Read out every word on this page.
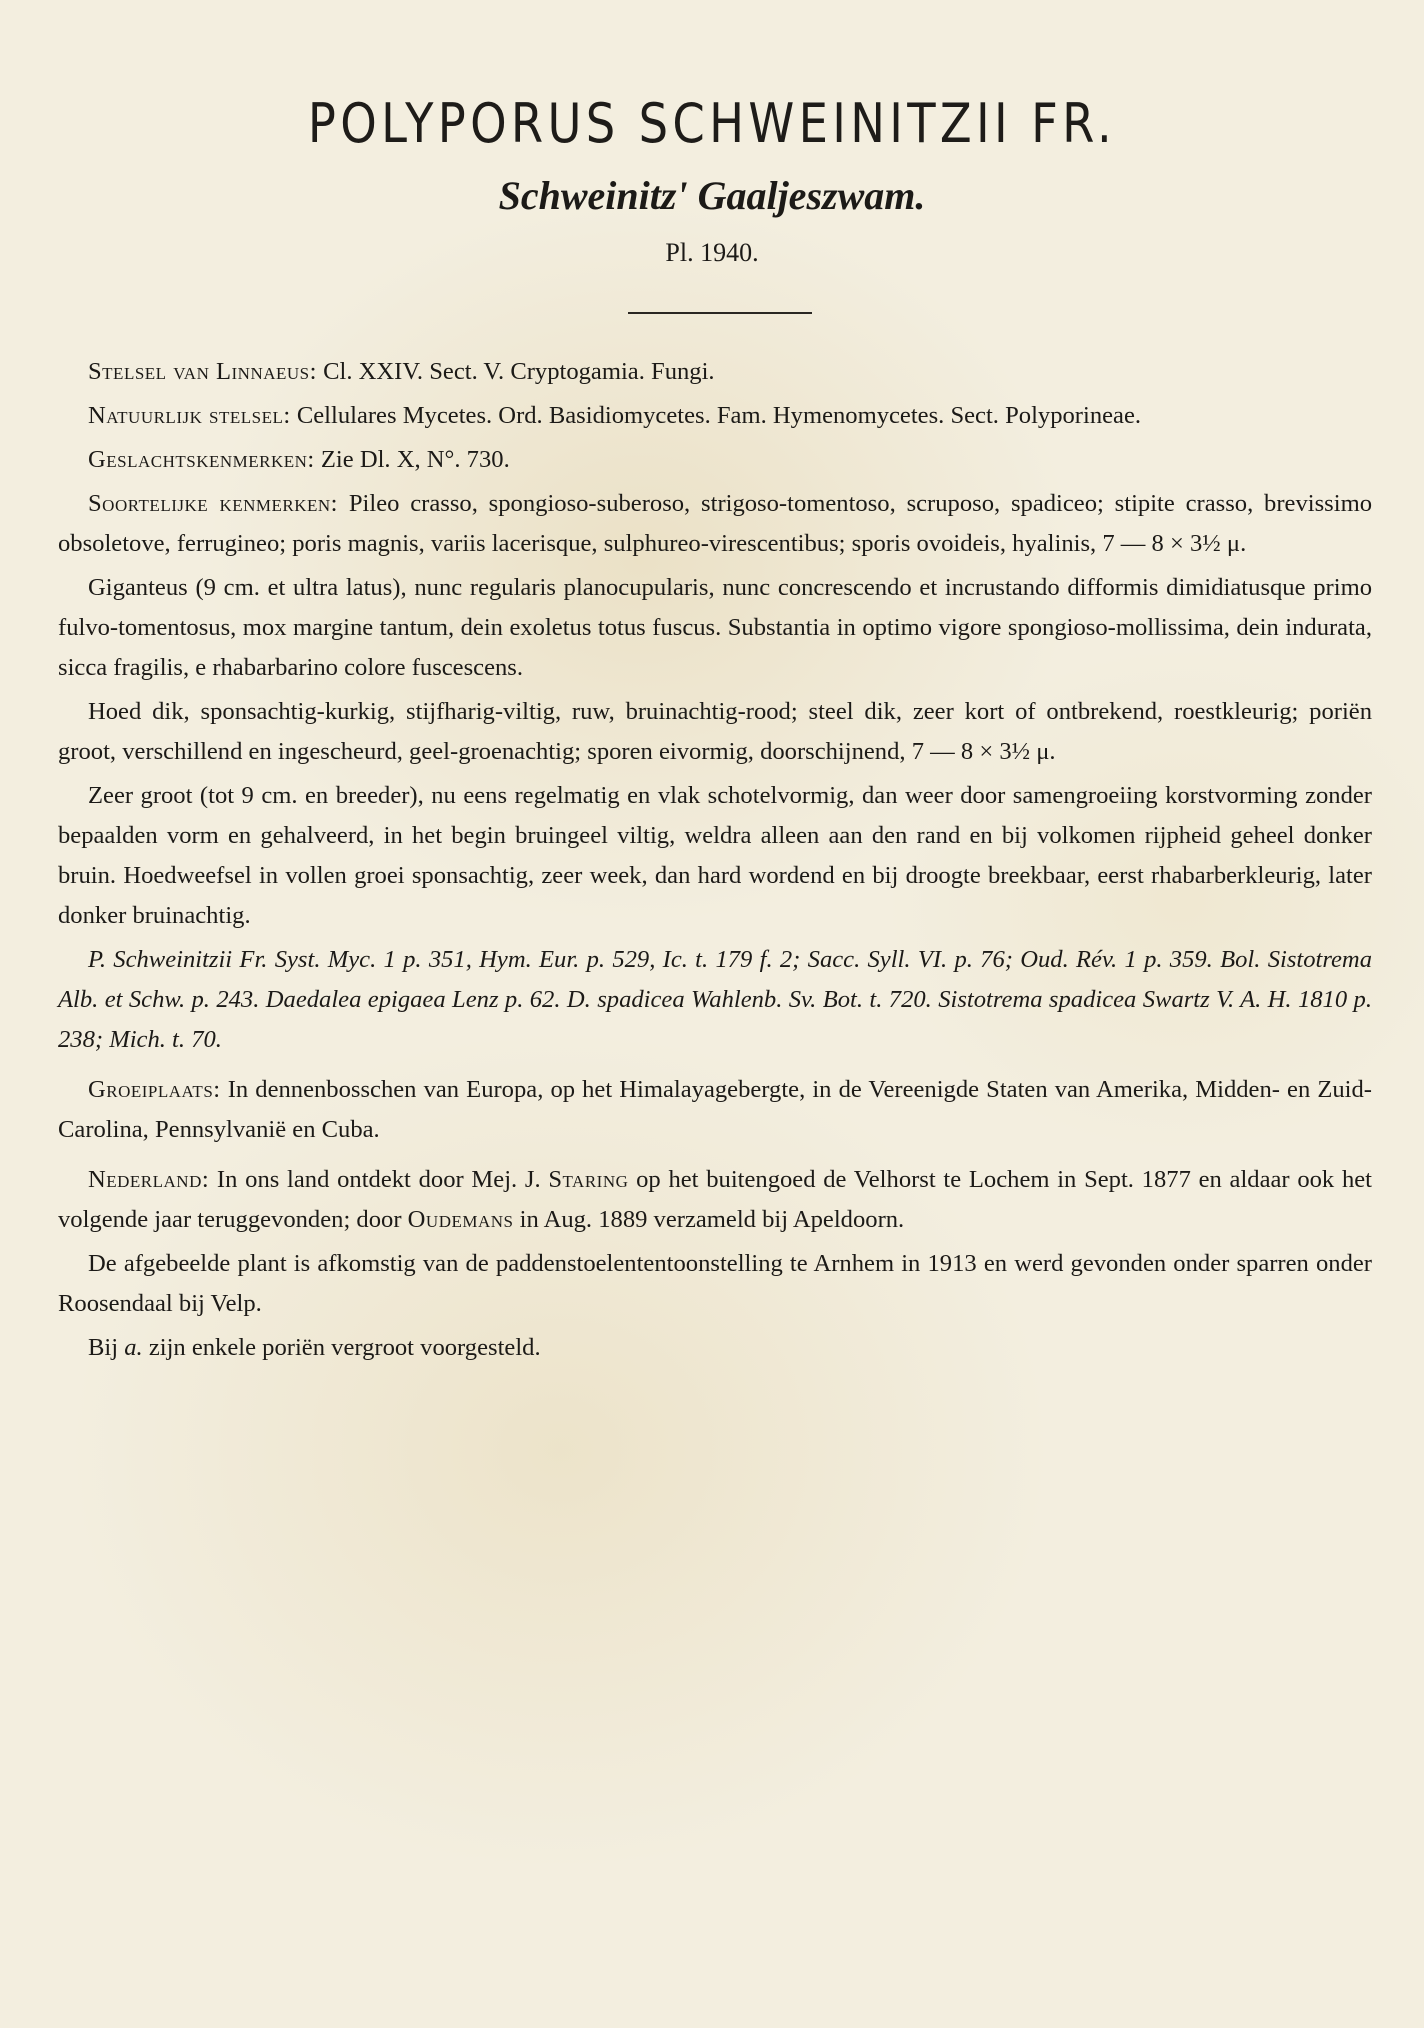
POLYPORUS SCHWEINITZII FR.
Schweinitz' Gaaljeszwam.
Pl. 1940.

Stelsel van Linnaeus: Cl. XXIV. Sect. V. Cryptogamia. Fungi.

Natuurlijk stelsel: Cellulares Mycetes. Ord. Basidiomycetes. Fam. Hymenomycetes. Sect. Polyporineae.

Geslachtskenmerken: Zie Dl. X, N°. 730.

Soortelijke kenmerken: Pileo crasso, spongioso-suberoso, strigoso-tomentoso, scruposo, spadiceo; stipite crasso, brevissimo obsoletove, ferrugineo; poris magnis, variis lacerisque, sulphureo-virescentibus; sporis ovoideis, hyalinis, 7 — 8 × 3½ μ.

Giganteus (9 cm. et ultra latus), nunc regularis planocupularis, nunc concrescendo et incrustando difformis dimidiatusque primo fulvo-tomentosus, mox margine tantum, dein exoletus totus fuscus. Substantia in optimo vigore spongioso-mollissima, dein indurata, sicca fragilis, e rhabarbarino colore fuscescens.

Hoed dik, sponsachtig-kurkig, stijfharig-viltig, ruw, bruinachtig-rood; steel dik, zeer kort of ontbrekend, roestkleurig; poriën groot, verschillend en ingescheurd, geel-groenachtig; sporen eivormig, doorschijnend, 7 — 8 × 3½ μ.

Zeer groot (tot 9 cm. en breeder), nu eens regelmatig en vlak schotelvormig, dan weer door samengroeiing korstvorming zonder bepaalden vorm en gehalveerd, in het begin bruingeel viltig, weldra alleen aan den rand en bij volkomen rijpheid geheel donker bruin. Hoedweefsel in vollen groei sponsachtig, zeer week, dan hard wordend en bij droogte breekbaar, eerst rhabarberkleurig, later donker bruinachtig.

P. Schweinitzii Fr. Syst. Myc. 1 p. 351, Hym. Eur. p. 529, Ic. t. 179 f. 2; Sacc. Syll. VI. p. 76; Oud. Rév. 1 p. 359. Bol. Sistotrema Alb. et Schw. p. 243. Daedalea epigaea Lenz p. 62. D. spadicea Wahlenb. Sv. Bot. t. 720. Sistotrema spadicea Swartz V. A. H. 1810 p. 238; Mich. t. 70.

Groeiplaats: In dennenbosschen van Europa, op het Himalayagebergte, in de Vereenigde Staten van Amerika, Midden- en Zuid-Carolina, Pennsylvanië en Cuba.

Nederland: In ons land ontdekt door Mej. J. Staring op het buitengoed de Velhorst te Lochem in Sept. 1877 en aldaar ook het volgende jaar teruggevonden; door Oudemans in Aug. 1889 verzameld bij Apeldoorn.

De afgebeelde plant is afkomstig van de paddenstoelententoonstelling te Arnhem in 1913 en werd gevonden onder sparren onder Roosendaal bij Velp.

Bij a. zijn enkele poriën vergroot voorgesteld.
